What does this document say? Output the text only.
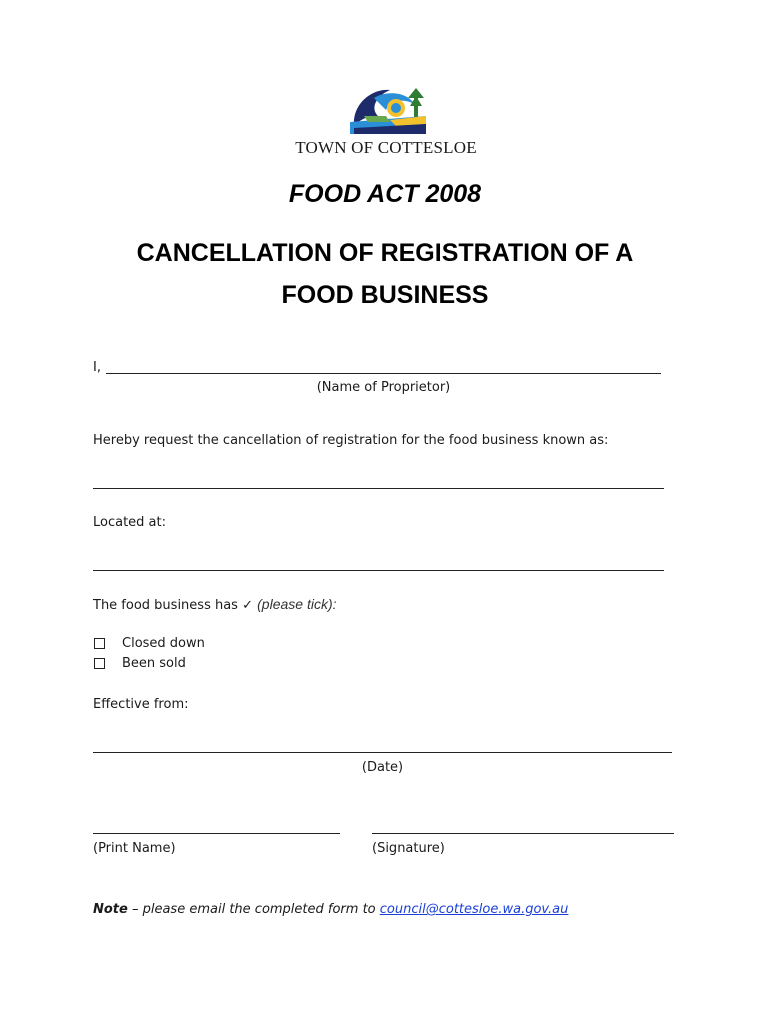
TOWN OF COTTESLOE
FOOD ACT 2008
CANCELLATION OF REGISTRATION OF A
FOOD BUSINESS
I,
(Name of Proprietor)
Hereby request the cancellation of registration for the food business known as:
Located at:
The food business has ✓ (please tick):
Closed down
Been sold
Effective from:
(Date)
(Print Name)	(Signature)
Note – please email the completed form to council@cottesloe.wa.gov.au
